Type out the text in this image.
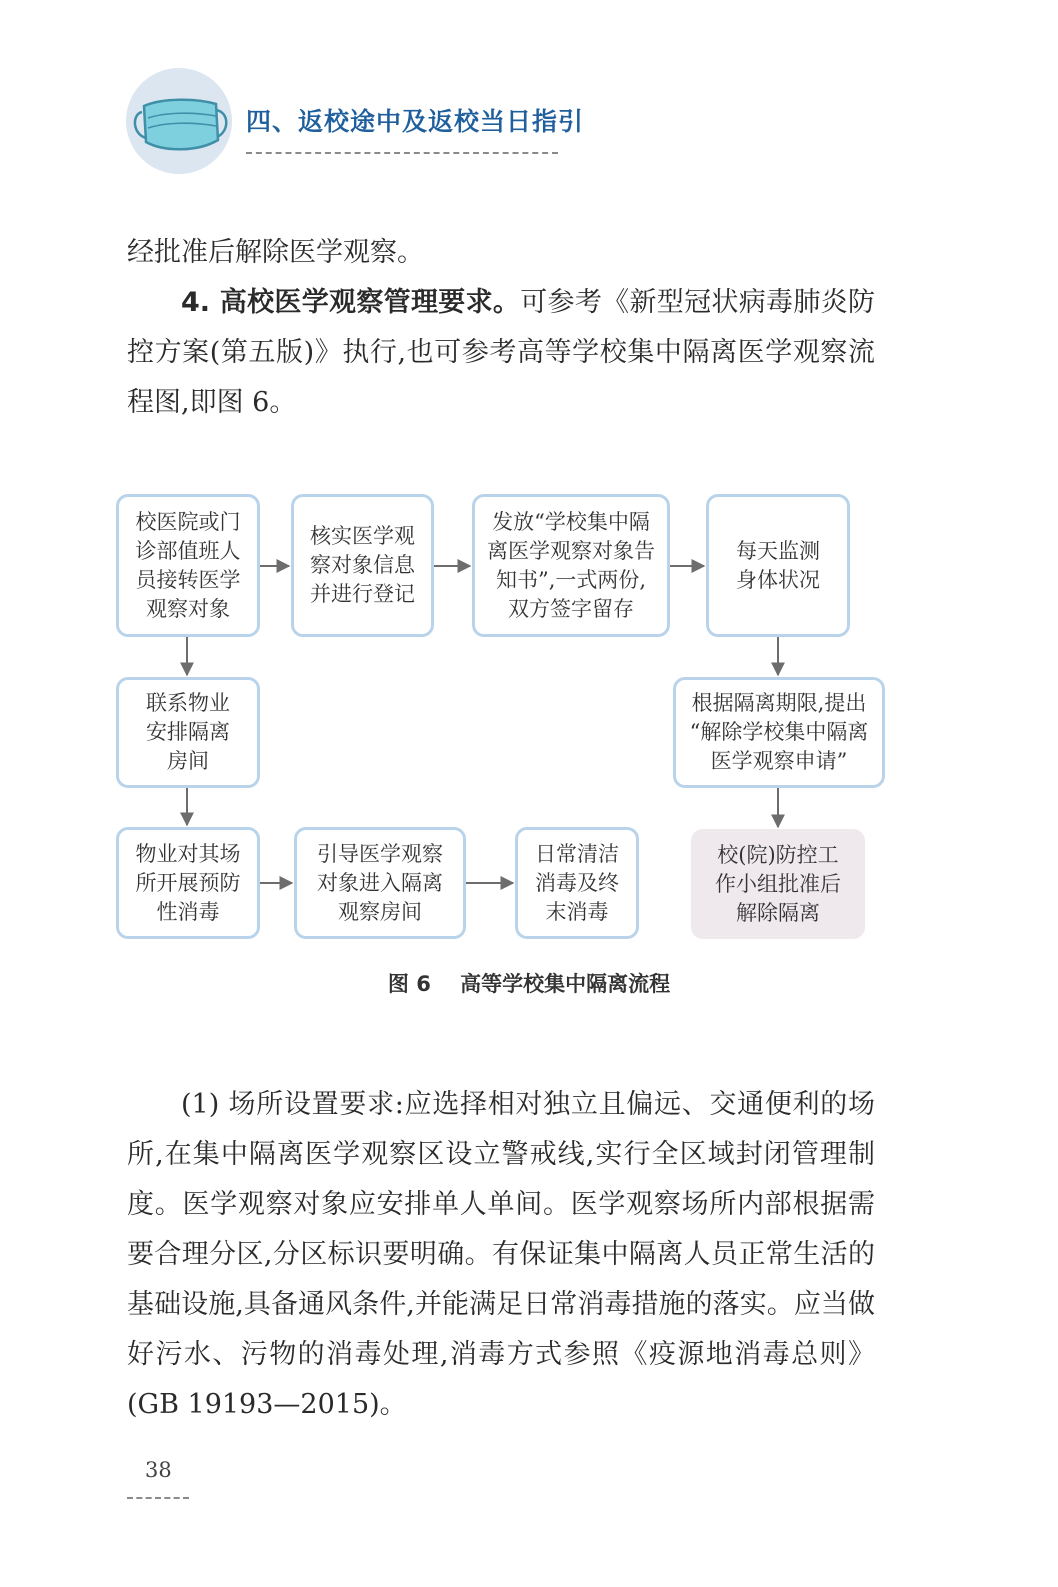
四、返校途中及返校当日指引

经批准后解除医学观察。

4. 高校医学观察管理要求。可参考《新型冠状病毒肺炎防控方案(第五版)》执行,也可参考高等学校集中隔离医学观察流程图,即图 6。

校医院或门
诊部值班人
员接转医学
观察对象
核实医学观
察对象信息
并进行登记
发放“学校集中隔
离医学观察对象告
知书”,一式两份,
双方签字留存
每天监测
身体状况
联系物业
安排隔离
房间
根据隔离期限,提出
“解除学校集中隔离
医学观察申请”
物业对其场
所开展预防
性消毒
引导医学观察
对象进入隔离
观察房间
日常清洁
消毒及终
末消毒
校(院)防控工
作小组批准后
解除隔离
图 6    高等学校集中隔离流程

(1) 场所设置要求:应选择相对独立且偏远、交通便利的场所,在集中隔离医学观察区设立警戒线,实行全区域封闭管理制度。医学观察对象应安排单人单间。医学观察场所内部根据需要合理分区,分区标识要明确。有保证集中隔离人员正常生活的基础设施,具备通风条件,并能满足日常消毒措施的落实。应当做好污水、污物的消毒处理,消毒方式参照《疫源地消毒总则》(GB 19193—2015)。

38
